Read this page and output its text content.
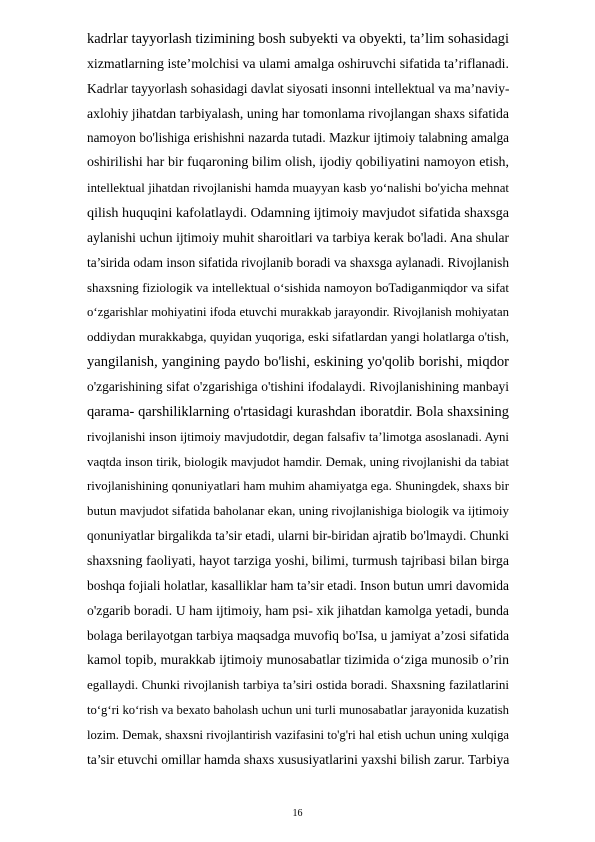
kadrlar tayyorlash tizimining bosh subyekti va obyekti, ta’lim sohasidagi
xizmatlarning iste’molchisi va ulami amalga oshiruvchi sifatida ta’riflanadi.
Kadrlar tayyorlash sohasidagi davlat siyosati insonni intellektual va ma’naviy-
axlohiy jihatdan tarbiyalash, uning har tomonlama rivojlangan shaxs sifatida
namoyon bo'lishiga erishishni nazarda tutadi. Mazkur ijtimoiy talabning amalga
oshirilishi har bir fuqaroning bilim olish, ijodiy qobiliyatini namoyon etish,
intellektual jihatdan rivojlanishi hamda muayyan kasb yo‘nalishi bo'yicha mehnat
qilish huquqini kafolatlaydi. Odamning ijtimoiy mavjudot sifatida shaxsga
aylanishi uchun ijtimoiy muhit sharoitlari va tarbiya kerak bo'ladi. Ana shular
ta’sirida odam inson sifatida rivojlanib boradi va shaxsga aylanadi. Rivojlanish
shaxsning fiziologik va intellektual o‘sishida namoyon boTadiganmiqdor va sifat
o‘zgarishlar mohiyatini ifoda etuvchi murakkab jarayondir. Rivojlanish mohiyatan
oddiydan murakkabga, quyidan yuqoriga, eski sifatlardan yangi holatlarga o'tish,
yangilanish, yangining paydo bo'lishi, eskining yo'qolib borishi, miqdor
o'zgarishining sifat o'zgarishiga o'tishini ifodalaydi. Rivojlanishining manbayi
qarama- qarshiliklarning o'rtasidagi kurashdan iboratdir. Bola shaxsining
rivojlanishi inson ijtimoiy mavjudotdir, degan falsafiv ta’limotga asoslanadi. Ayni
vaqtda inson tirik, biologik mavjudot hamdir. Demak, uning rivojlanishi da tabiat
rivojlanishining qonuniyatlari ham muhim ahamiyatga ega. Shuningdek, shaxs bir
butun mavjudot sifatida baholanar ekan, uning rivojlanishiga biologik va ijtimoiy
qonuniyatlar birgalikda ta’sir etadi, ularni bir-biridan ajratib bo'lmaydi. Chunki
shaxsning faoliyati, hayot tarziga yoshi, bilimi, turmush tajribasi bilan birga
boshqa fojiali holatlar, kasalliklar ham ta’sir etadi. Inson butun umri davomida
o'zgarib boradi. U ham ijtimoiy, ham psi- xik jihatdan kamolga yetadi, bunda
bolaga berilayotgan tarbiya maqsadga muvofiq bo'Isa, u jamiyat a’zosi sifatida
kamol topib, murakkab ijtimoiy munosabatlar tizimida o‘ziga munosib o’rin
egallaydi. Chunki rivojlanish tarbiya ta’siri ostida boradi. Shaxsning fazilatlarini
to‘g‘ri ko‘rish va bexato baholash uchun uni turli munosabatlar jarayonida kuzatish
lozim. Demak, shaxsni rivojlantirish vazifasini to'g'ri hal etish uchun uning xulqiga
ta’sir etuvchi omillar hamda shaxs xususiyatlarini yaxshi bilish zarur. Tarbiya
16
